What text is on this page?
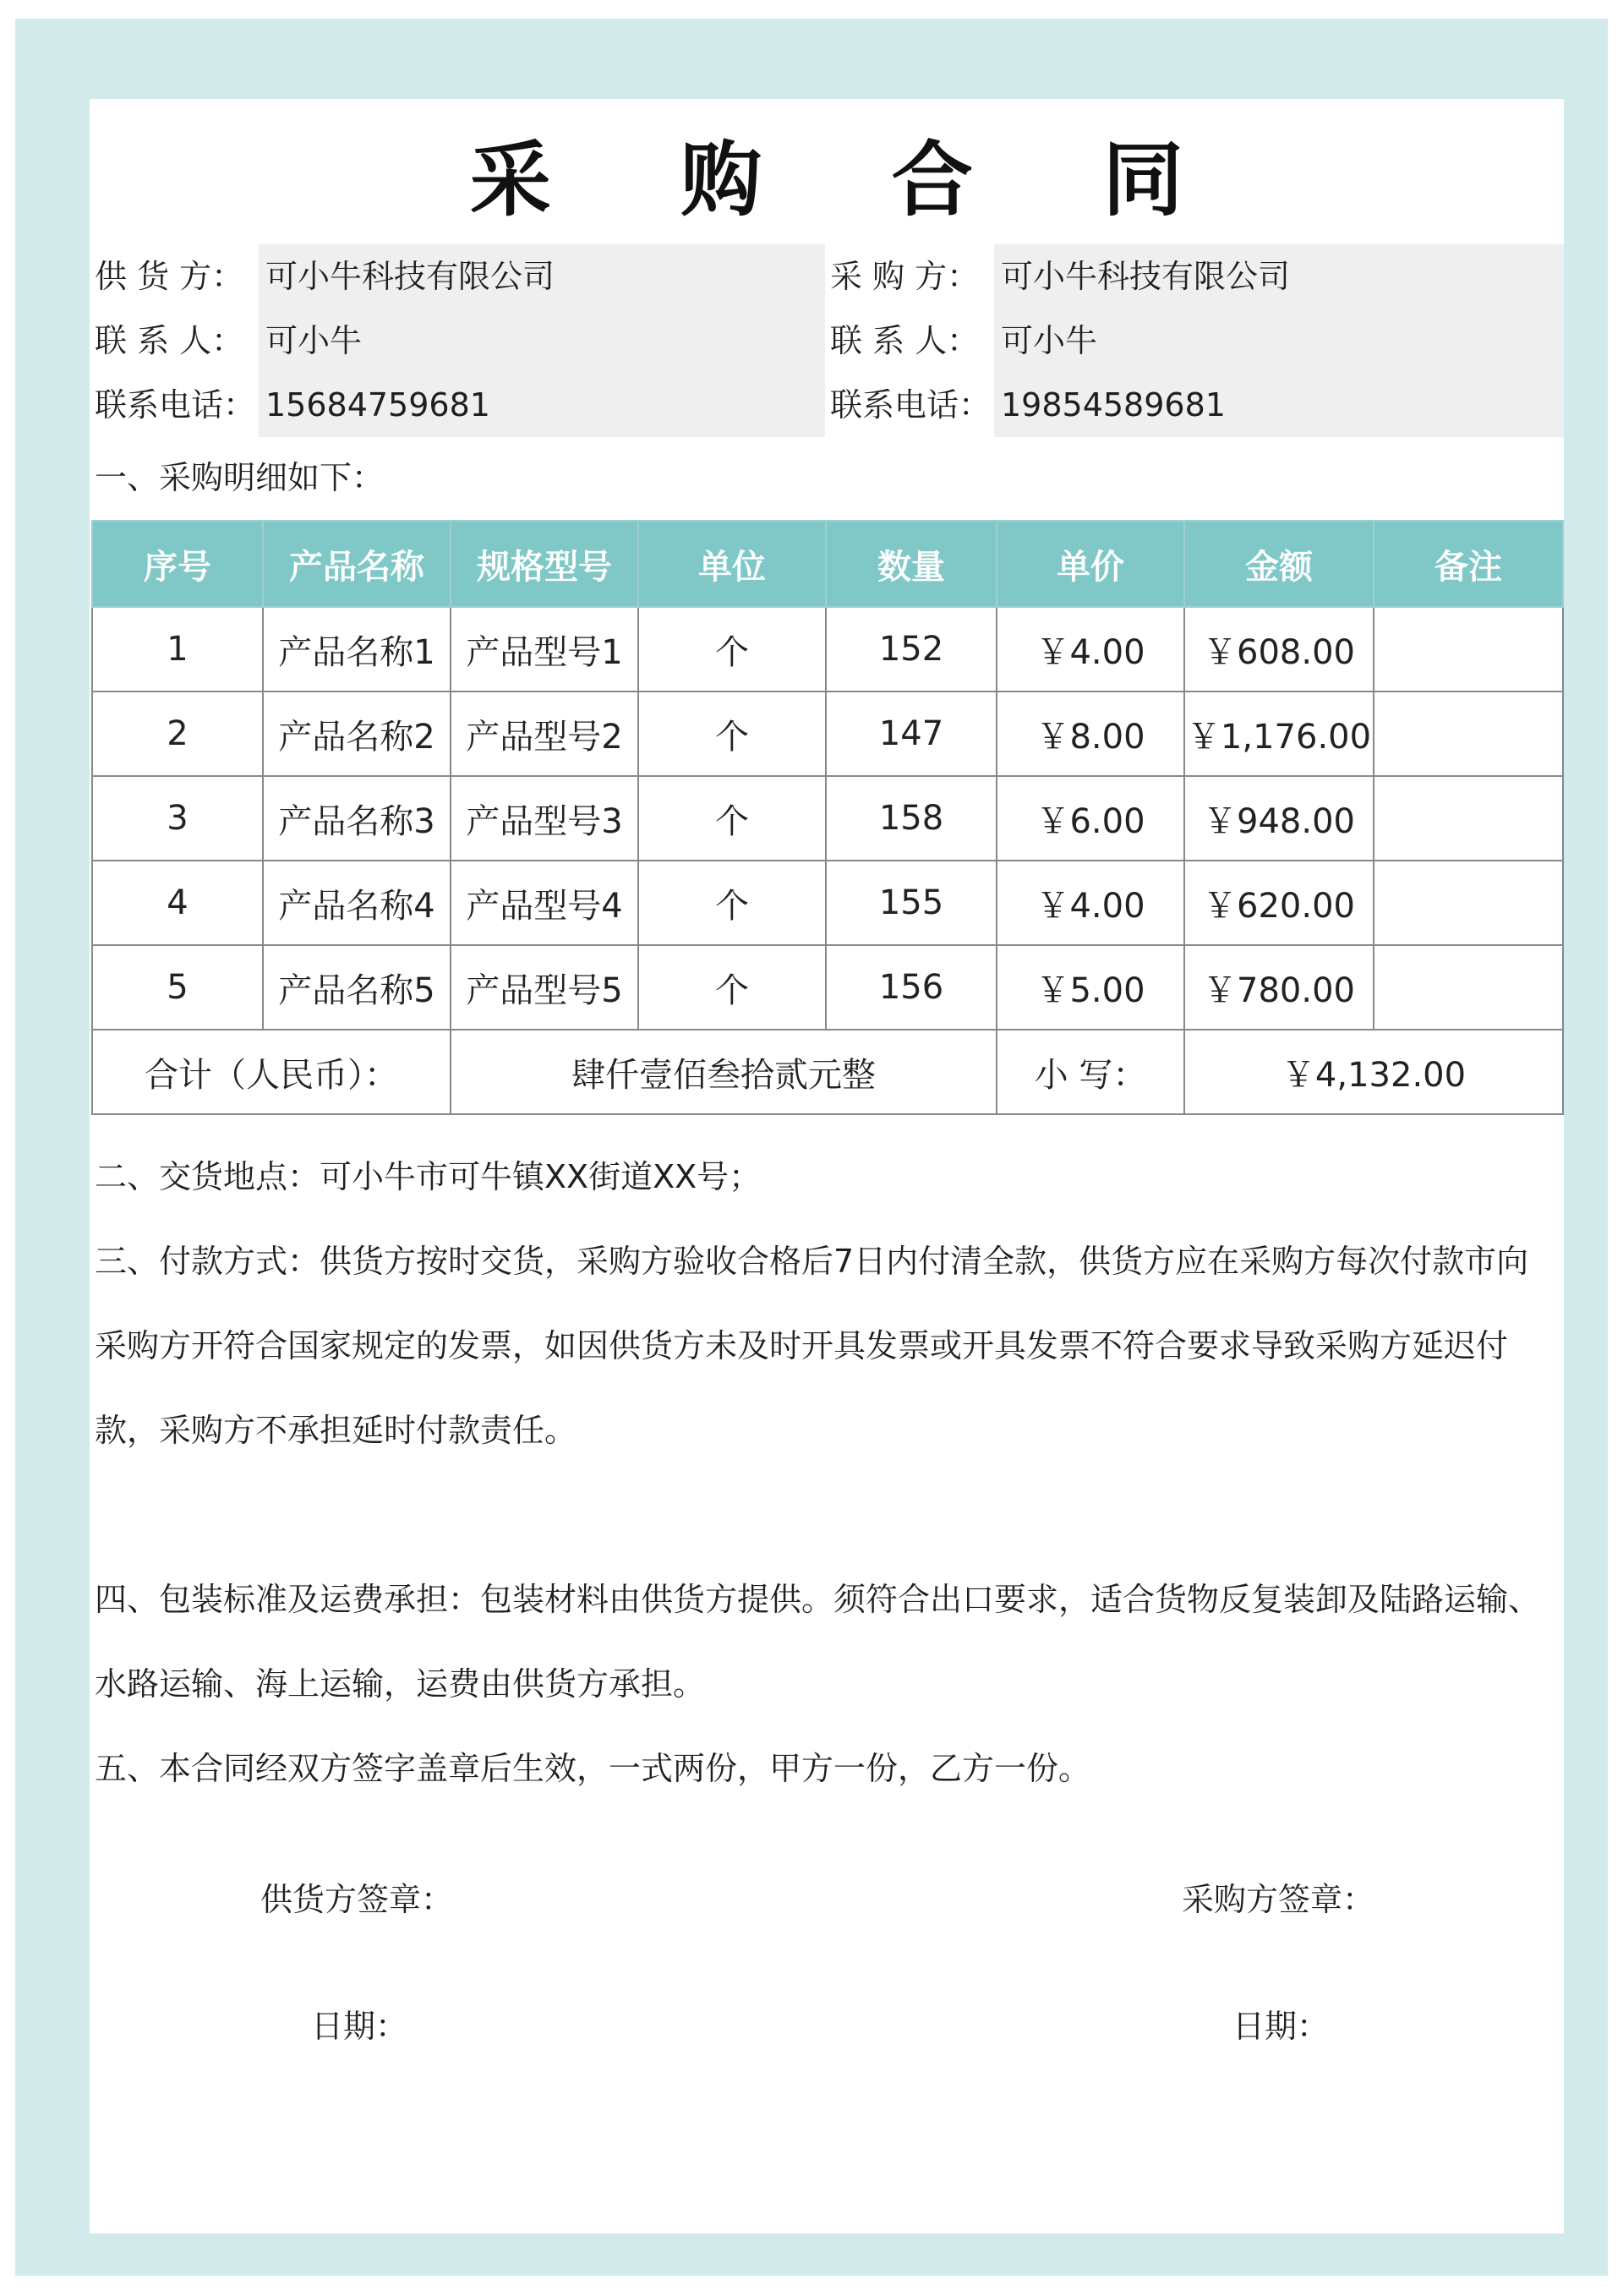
采 购 合 同
供 货 方： 可小牛科技有限公司
联 系 人： 可小牛
联系电话： 15684759681
采 购 方： 可小牛科技有限公司
联 系 人： 可小牛
联系电话： 19854589681
一、采购明细如下：
序号	产品名称	规格型号	单位	数量	单价	金额	备注
1	产品名称1	产品型号1	个	152	￥4.00	￥608.00	
2	产品名称2	产品型号2	个	147	￥8.00	￥1,176.00	
3	产品名称3	产品型号3	个	158	￥6.00	￥948.00	
4	产品名称4	产品型号4	个	155	￥4.00	￥620.00	
5	产品名称5	产品型号5	个	156	￥5.00	￥780.00	
合计（人民币）：		肆仟壹佰叁拾贰元整			小 写：	￥4,132.00	
二、交货地点：可小牛市可牛镇XX街道XX号；
三、付款方式：供货方按时交货，采购方验收合格后7日内付清全款，供货方应在采购方每次付款市向采购方开符合国家规定的发票，如因供货方未及时开具发票或开具发票不符合要求导致采购方延迟付款，采购方不承担延时付款责任。
四、包装标准及运费承担：包装材料由供货方提供。须符合出口要求，适合货物反复装卸及陆路运输、水路运输、海上运输，运费由供货方承担。
五、本合同经双方签字盖章后生效，一式两份，甲方一份，乙方一份。
供货方签章：	采购方签章：
日期：	日期：
